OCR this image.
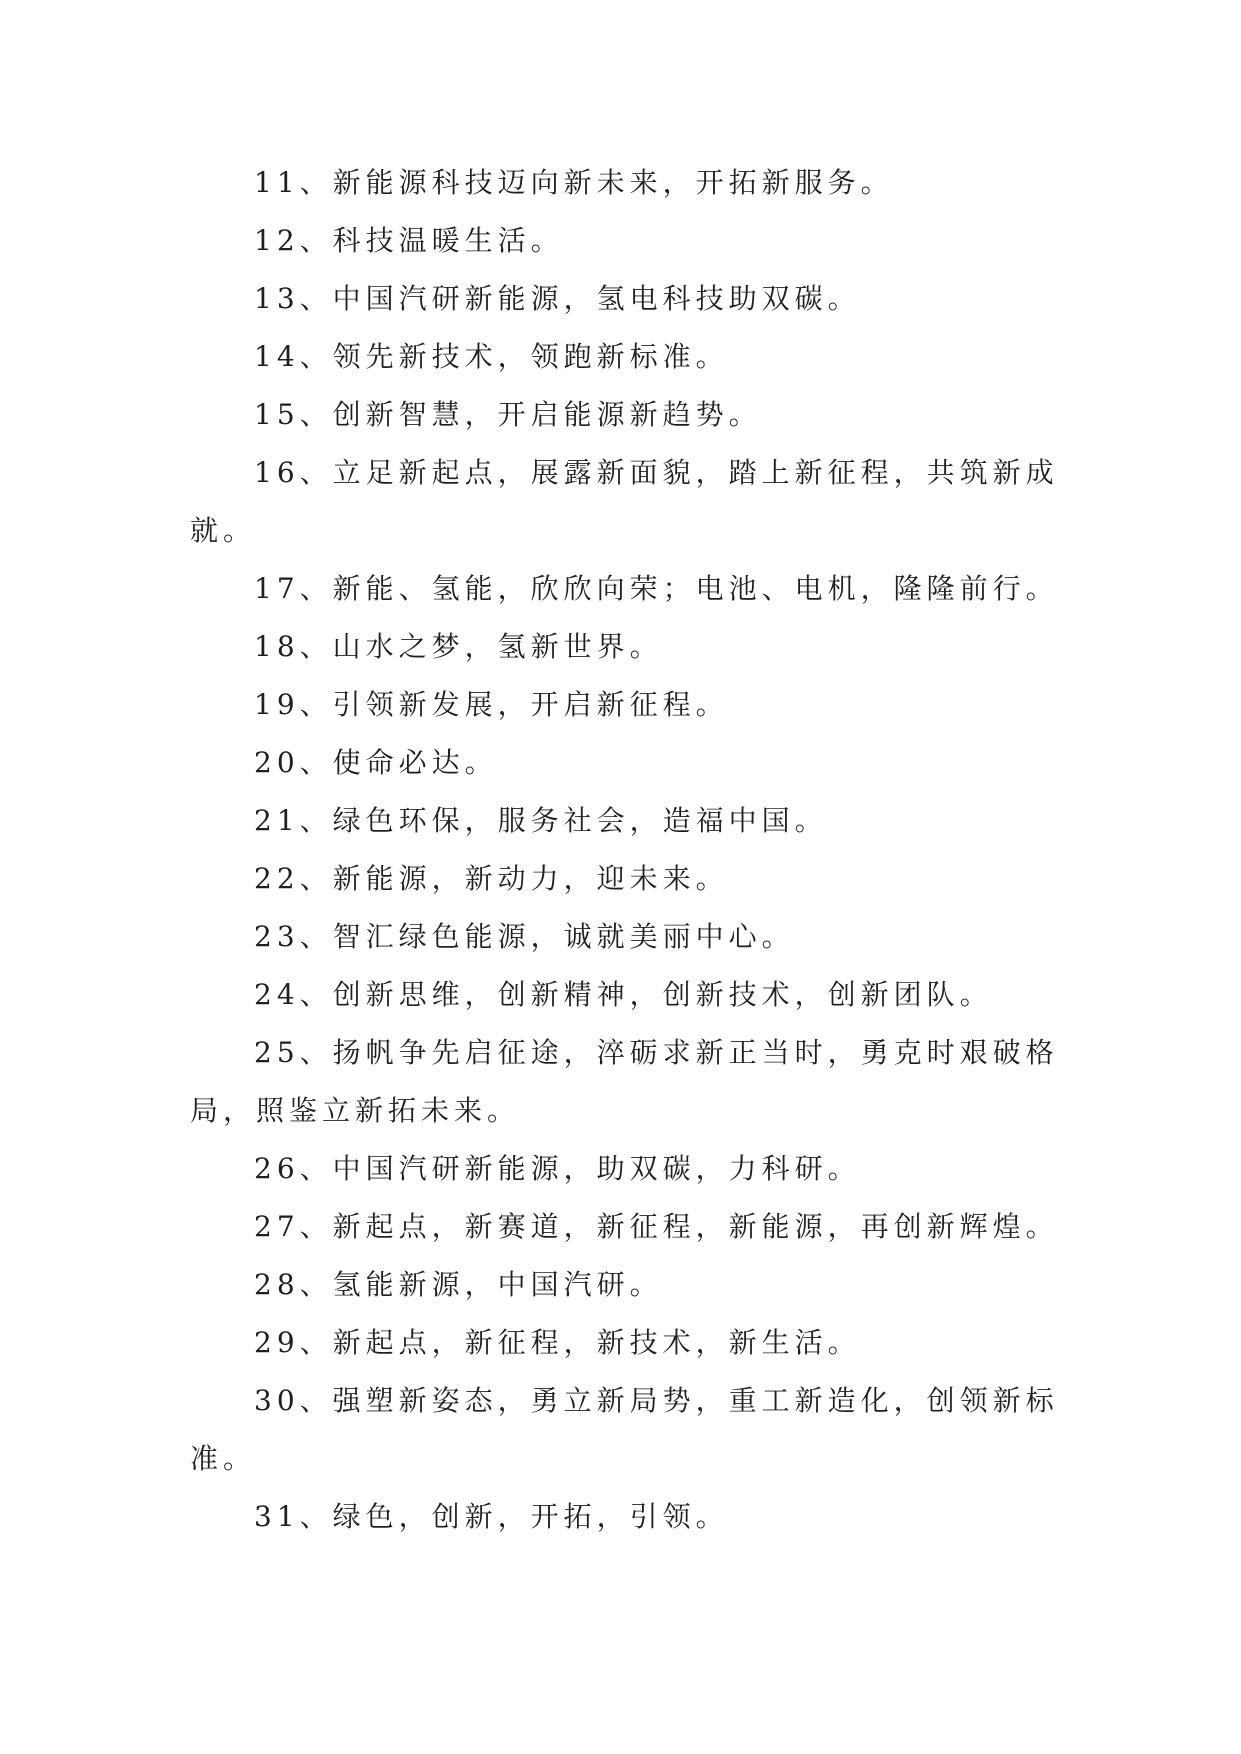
11、新能源科技迈向新未来，开拓新服务。

12、科技温暖生活。

13、中国汽研新能源，氢电科技助双碳。

14、领先新技术，领跑新标准。

15、创新智慧，开启能源新趋势。

16、立足新起点，展露新面貌，踏上新征程，共筑新成就。

17、新能、氢能，欣欣向荣；电池、电机，隆隆前行。

18、山水之梦，氢新世界。

19、引领新发展，开启新征程。

20、使命必达。

21、绿色环保，服务社会，造福中国。

22、新能源，新动力，迎未来。

23、智汇绿色能源，诚就美丽中心。

24、创新思维，创新精神，创新技术，创新团队。

25、扬帆争先启征途，淬砺求新正当时，勇克时艰破格局，照鉴立新拓未来。

26、中国汽研新能源，助双碳，力科研。

27、新起点，新赛道，新征程，新能源，再创新辉煌。

28、氢能新源，中国汽研。

29、新起点，新征程，新技术，新生活。

30、强塑新姿态，勇立新局势，重工新造化，创领新标准。

31、绿色，创新，开拓，引领。
